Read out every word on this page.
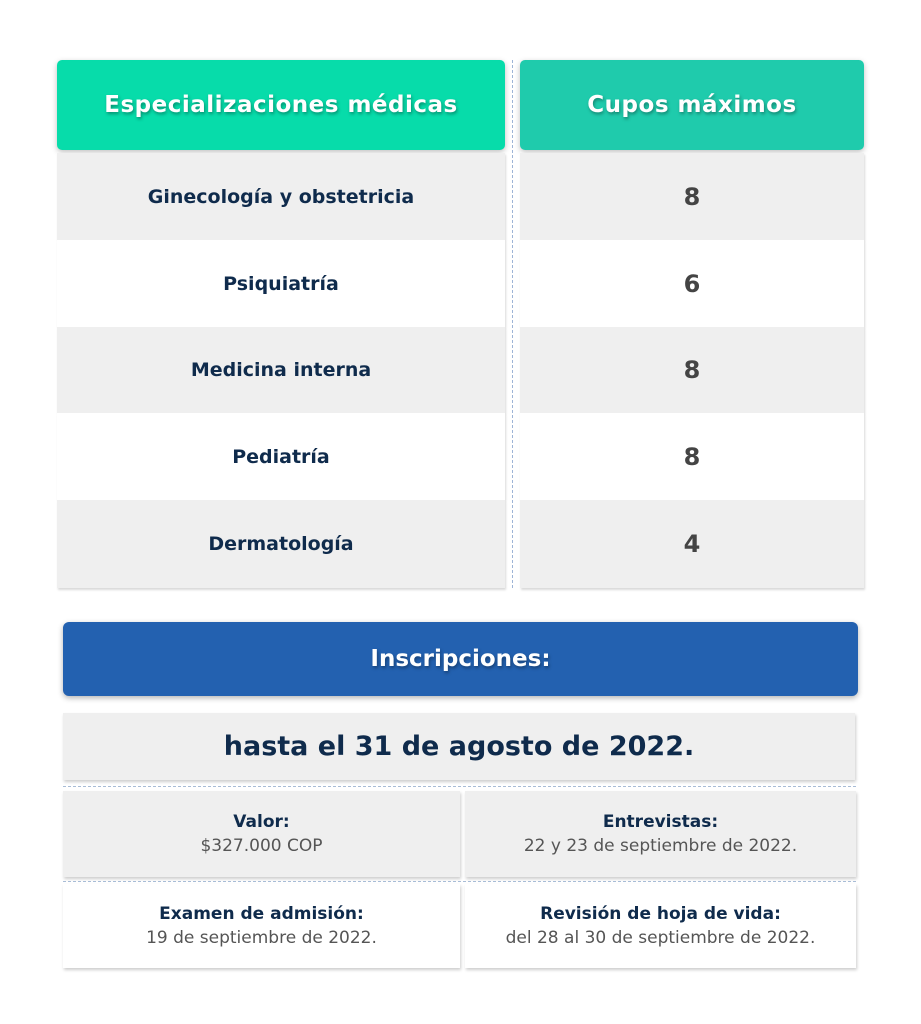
Especializaciones médicas	Cupos máximos
Ginecología y obstetricia	8
Psiquiatría	6
Medicina interna	8
Pediatría	8
Dermatología	4
Inscripciones:
hasta el 31 de agosto de 2022.
Valor:
$327.000 COP
Entrevistas:
22 y 23 de septiembre de 2022.
Examen de admisión:
19 de septiembre de 2022.
Revisión de hoja de vida:
del 28 al 30 de septiembre de 2022.
